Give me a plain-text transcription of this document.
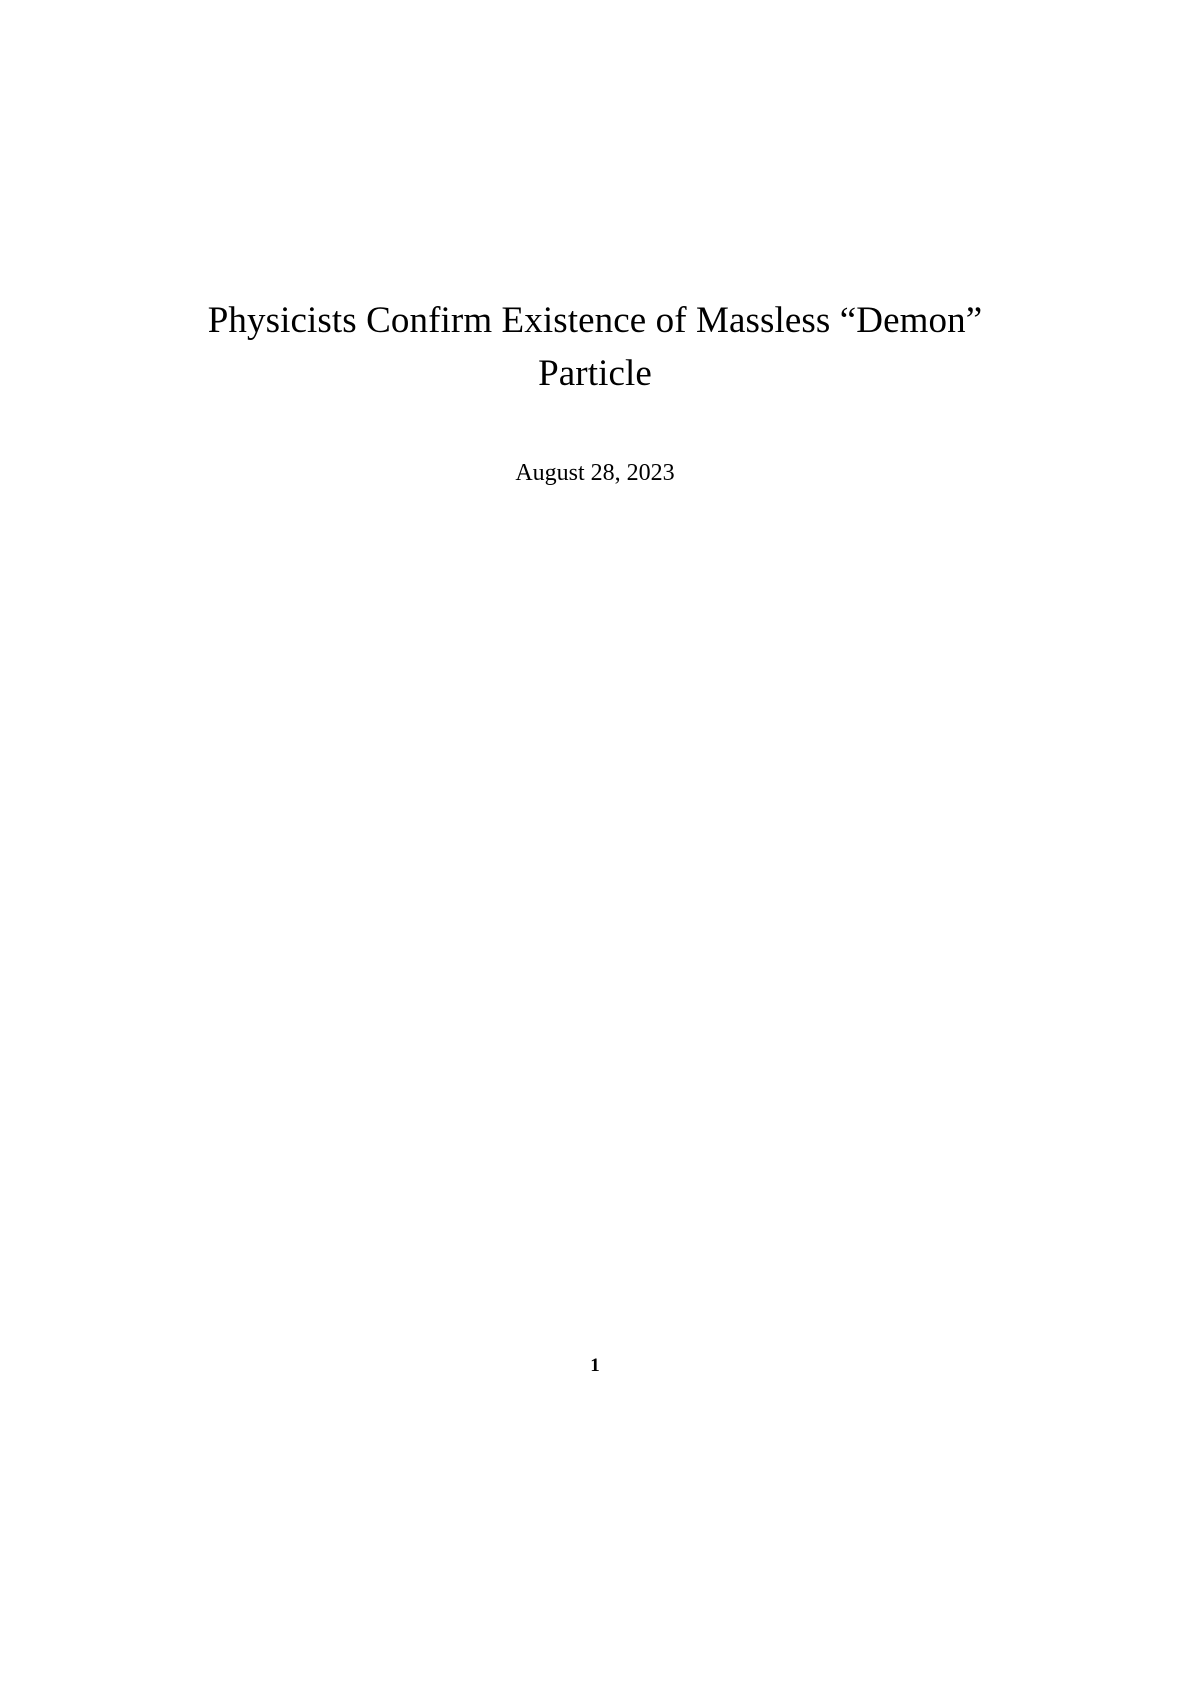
Physicists Confirm Existence of Massless “Demon” Particle
August 28, 2023
1
